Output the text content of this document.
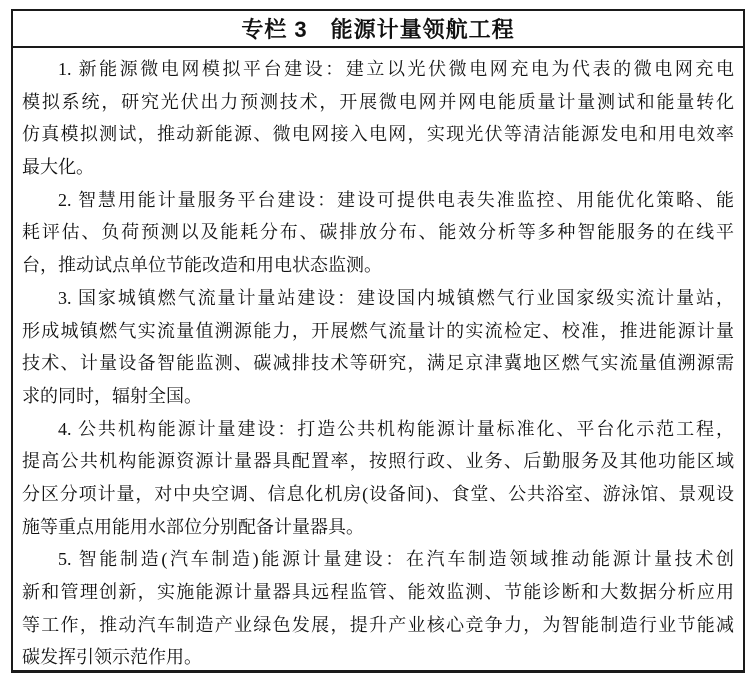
专栏 3　能源计量领航工程
1. 新能源微电网模拟平台建设：建立以光伏微电网充电为代表的微电网充电
模拟系统，研究光伏出力预测技术，开展微电网并网电能质量计量测试和能量转化
仿真模拟测试，推动新能源、微电网接入电网，实现光伏等清洁能源发电和用电效率
最大化。
2. 智慧用能计量服务平台建设：建设可提供电表失准监控、用能优化策略、能
耗评估、负荷预测以及能耗分布、碳排放分布、能效分析等多种智能服务的在线平
台，推动试点单位节能改造和用电状态监测。
3. 国家城镇燃气流量计量站建设：建设国内城镇燃气行业国家级实流计量站，
形成城镇燃气实流量值溯源能力，开展燃气流量计的实流检定、校准，推进能源计量
技术、计量设备智能监测、碳减排技术等研究，满足京津冀地区燃气实流量值溯源需
求的同时，辐射全国。
4. 公共机构能源计量建设：打造公共机构能源计量标准化、平台化示范工程，
提高公共机构能源资源计量器具配置率，按照行政、业务、后勤服务及其他功能区域
分区分项计量，对中央空调、信息化机房(设备间)、食堂、公共浴室、游泳馆、景观设
施等重点用能用水部位分别配备计量器具。
5. 智能制造(汽车制造)能源计量建设：在汽车制造领域推动能源计量技术创
新和管理创新，实施能源计量器具远程监管、能效监测、节能诊断和大数据分析应用
等工作，推动汽车制造产业绿色发展，提升产业核心竞争力，为智能制造行业节能减
碳发挥引领示范作用。
